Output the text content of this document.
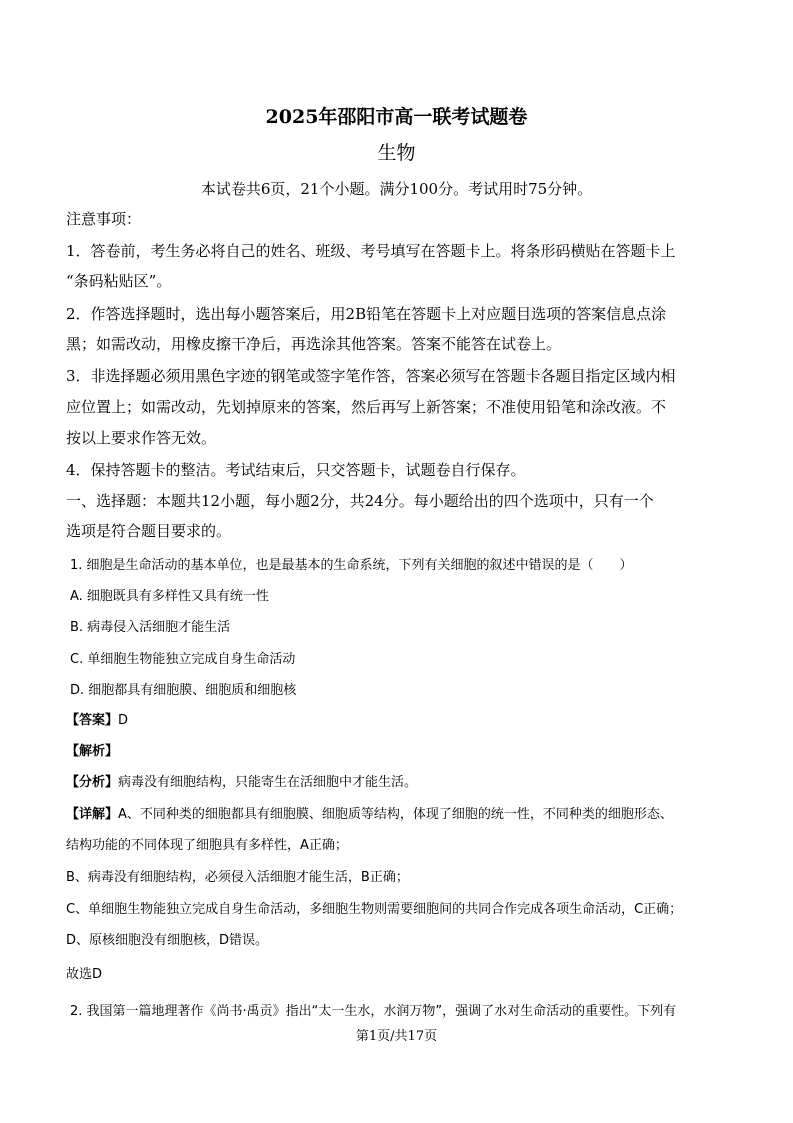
2025年邵阳市高一联考试题卷
生物
本试卷共6页，21个小题。满分100分。考试用时75分钟。
注意事项：
1．答卷前，考生务必将自己的姓名、班级、考号填写在答题卡上。将条形码横贴在答题卡上
“条码粘贴区”。
2．作答选择题时，选出每小题答案后，用2B铅笔在答题卡上对应题目选项的答案信息点涂
黑；如需改动，用橡皮擦干净后，再选涂其他答案。答案不能答在试卷上。
3．非选择题必须用黑色字迹的钢笔或签字笔作答，答案必须写在答题卡各题目指定区域内相
应位置上；如需改动，先划掉原来的答案，然后再写上新答案；不准使用铅笔和涂改液。不
按以上要求作答无效。
4．保持答题卡的整洁。考试结束后，只交答题卡，试题卷自行保存。
一、选择题：本题共12小题，每小题2分，共24分。每小题给出的四个选项中，只有一个
选项是符合题目要求的。
1. 细胞是生命活动的基本单位，也是最基本的生命系统，下列有关细胞的叙述中错误的是（　　）
A. 细胞既具有多样性又具有统一性
B. 病毒侵入活细胞才能生活
C. 单细胞生物能独立完成自身生命活动
D. 细胞都具有细胞膜、细胞质和细胞核
【答案】D
【解析】
【分析】病毒没有细胞结构，只能寄生在活细胞中才能生活。
【详解】A、不同种类的细胞都具有细胞膜、细胞质等结构，体现了细胞的统一性，不同种类的细胞形态、
结构功能的不同体现了细胞具有多样性，A正确；
B、病毒没有细胞结构，必须侵入活细胞才能生活，B正确；
C、单细胞生物能独立完成自身生命活动，多细胞生物则需要细胞间的共同合作完成各项生命活动，C正确；
D、原核细胞没有细胞核，D错误。
故选D
2. 我国第一篇地理著作《尚书·禹贡》指出“太一生水，水润万物”，强调了水对生命活动的重要性。下列有
第1页/共17页
